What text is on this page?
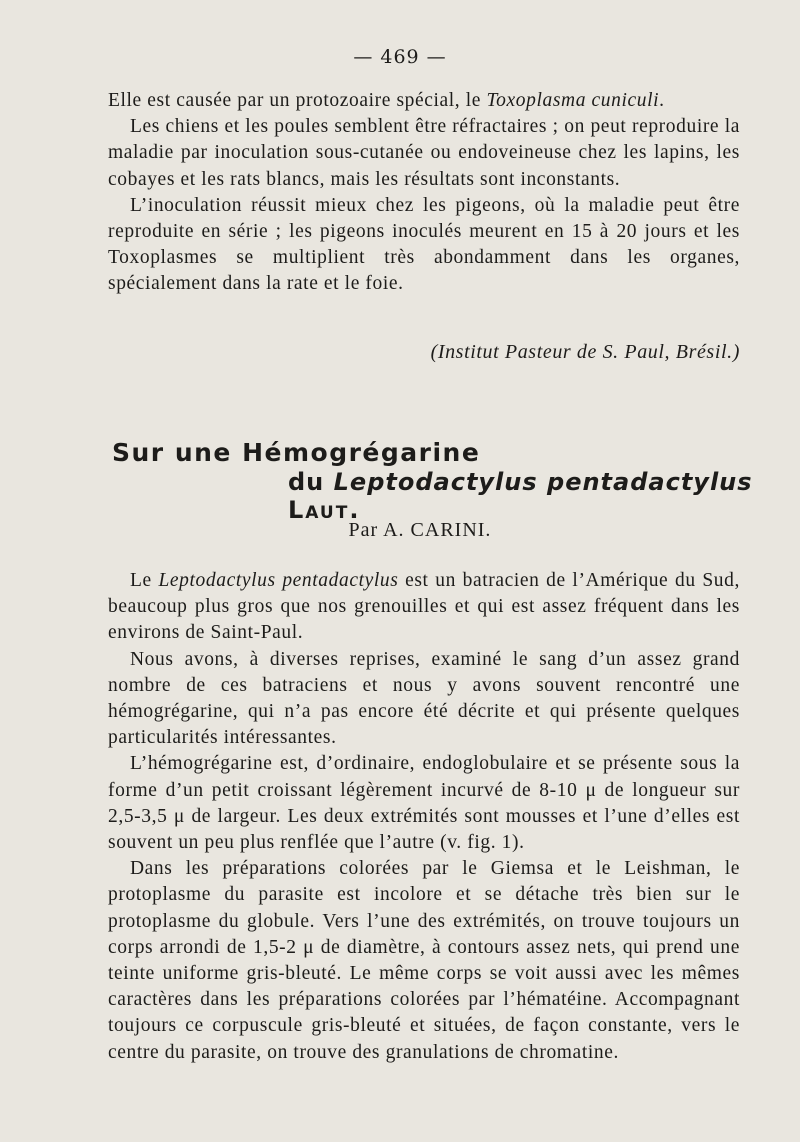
— 469 —

Elle est causée par un protozoaire spécial, le Toxoplasma cuniculi.

Les chiens et les poules semblent être réfractaires ; on peut reproduire la maladie par inoculation sous-cutanée ou endoveineuse chez les lapins, les cobayes et les rats blancs, mais les résultats sont inconstants.

L’inoculation réussit mieux chez les pigeons, où la maladie peut être reproduite en série ; les pigeons inoculés meurent en 15 à 20 jours et les Toxoplasmes se multiplient très abondamment dans les organes, spécialement dans la rate et le foie.

(Institut Pasteur de S. Paul, Brésil.)
Sur une Hémogrégarine
du Leptodactylus pentadactylus Laut.
Par A. CARINI.

Le Leptodactylus pentadactylus est un batracien de l’Amérique du Sud, beaucoup plus gros que nos grenouilles et qui est assez fréquent dans les environs de Saint-Paul.

Nous avons, à diverses reprises, examiné le sang d’un assez grand nombre de ces batraciens et nous y avons souvent rencontré une hémogrégarine, qui n’a pas encore été décrite et qui présente quelques particularités intéressantes.

L’hémogrégarine est, d’ordinaire, endoglobulaire et se présente sous la forme d’un petit croissant légèrement incurvé de 8-10 μ de longueur sur 2,5-3,5 μ de largeur. Les deux extrémités sont mousses et l’une d’elles est souvent un peu plus renflée que l’autre (v. fig. 1).

Dans les préparations colorées par le Giemsa et le Leishman, le protoplasme du parasite est incolore et se détache très bien sur le protoplasme du globule. Vers l’une des extrémités, on trouve toujours un corps arrondi de 1,5-2 μ de diamètre, à contours assez nets, qui prend une teinte uniforme gris-bleuté. Le même corps se voit aussi avec les mêmes caractères dans les préparations colorées par l’hématéine. Accompagnant toujours ce corpuscule gris-bleuté et situées, de façon constante, vers le centre du parasite, on trouve des granulations de chromatine.
